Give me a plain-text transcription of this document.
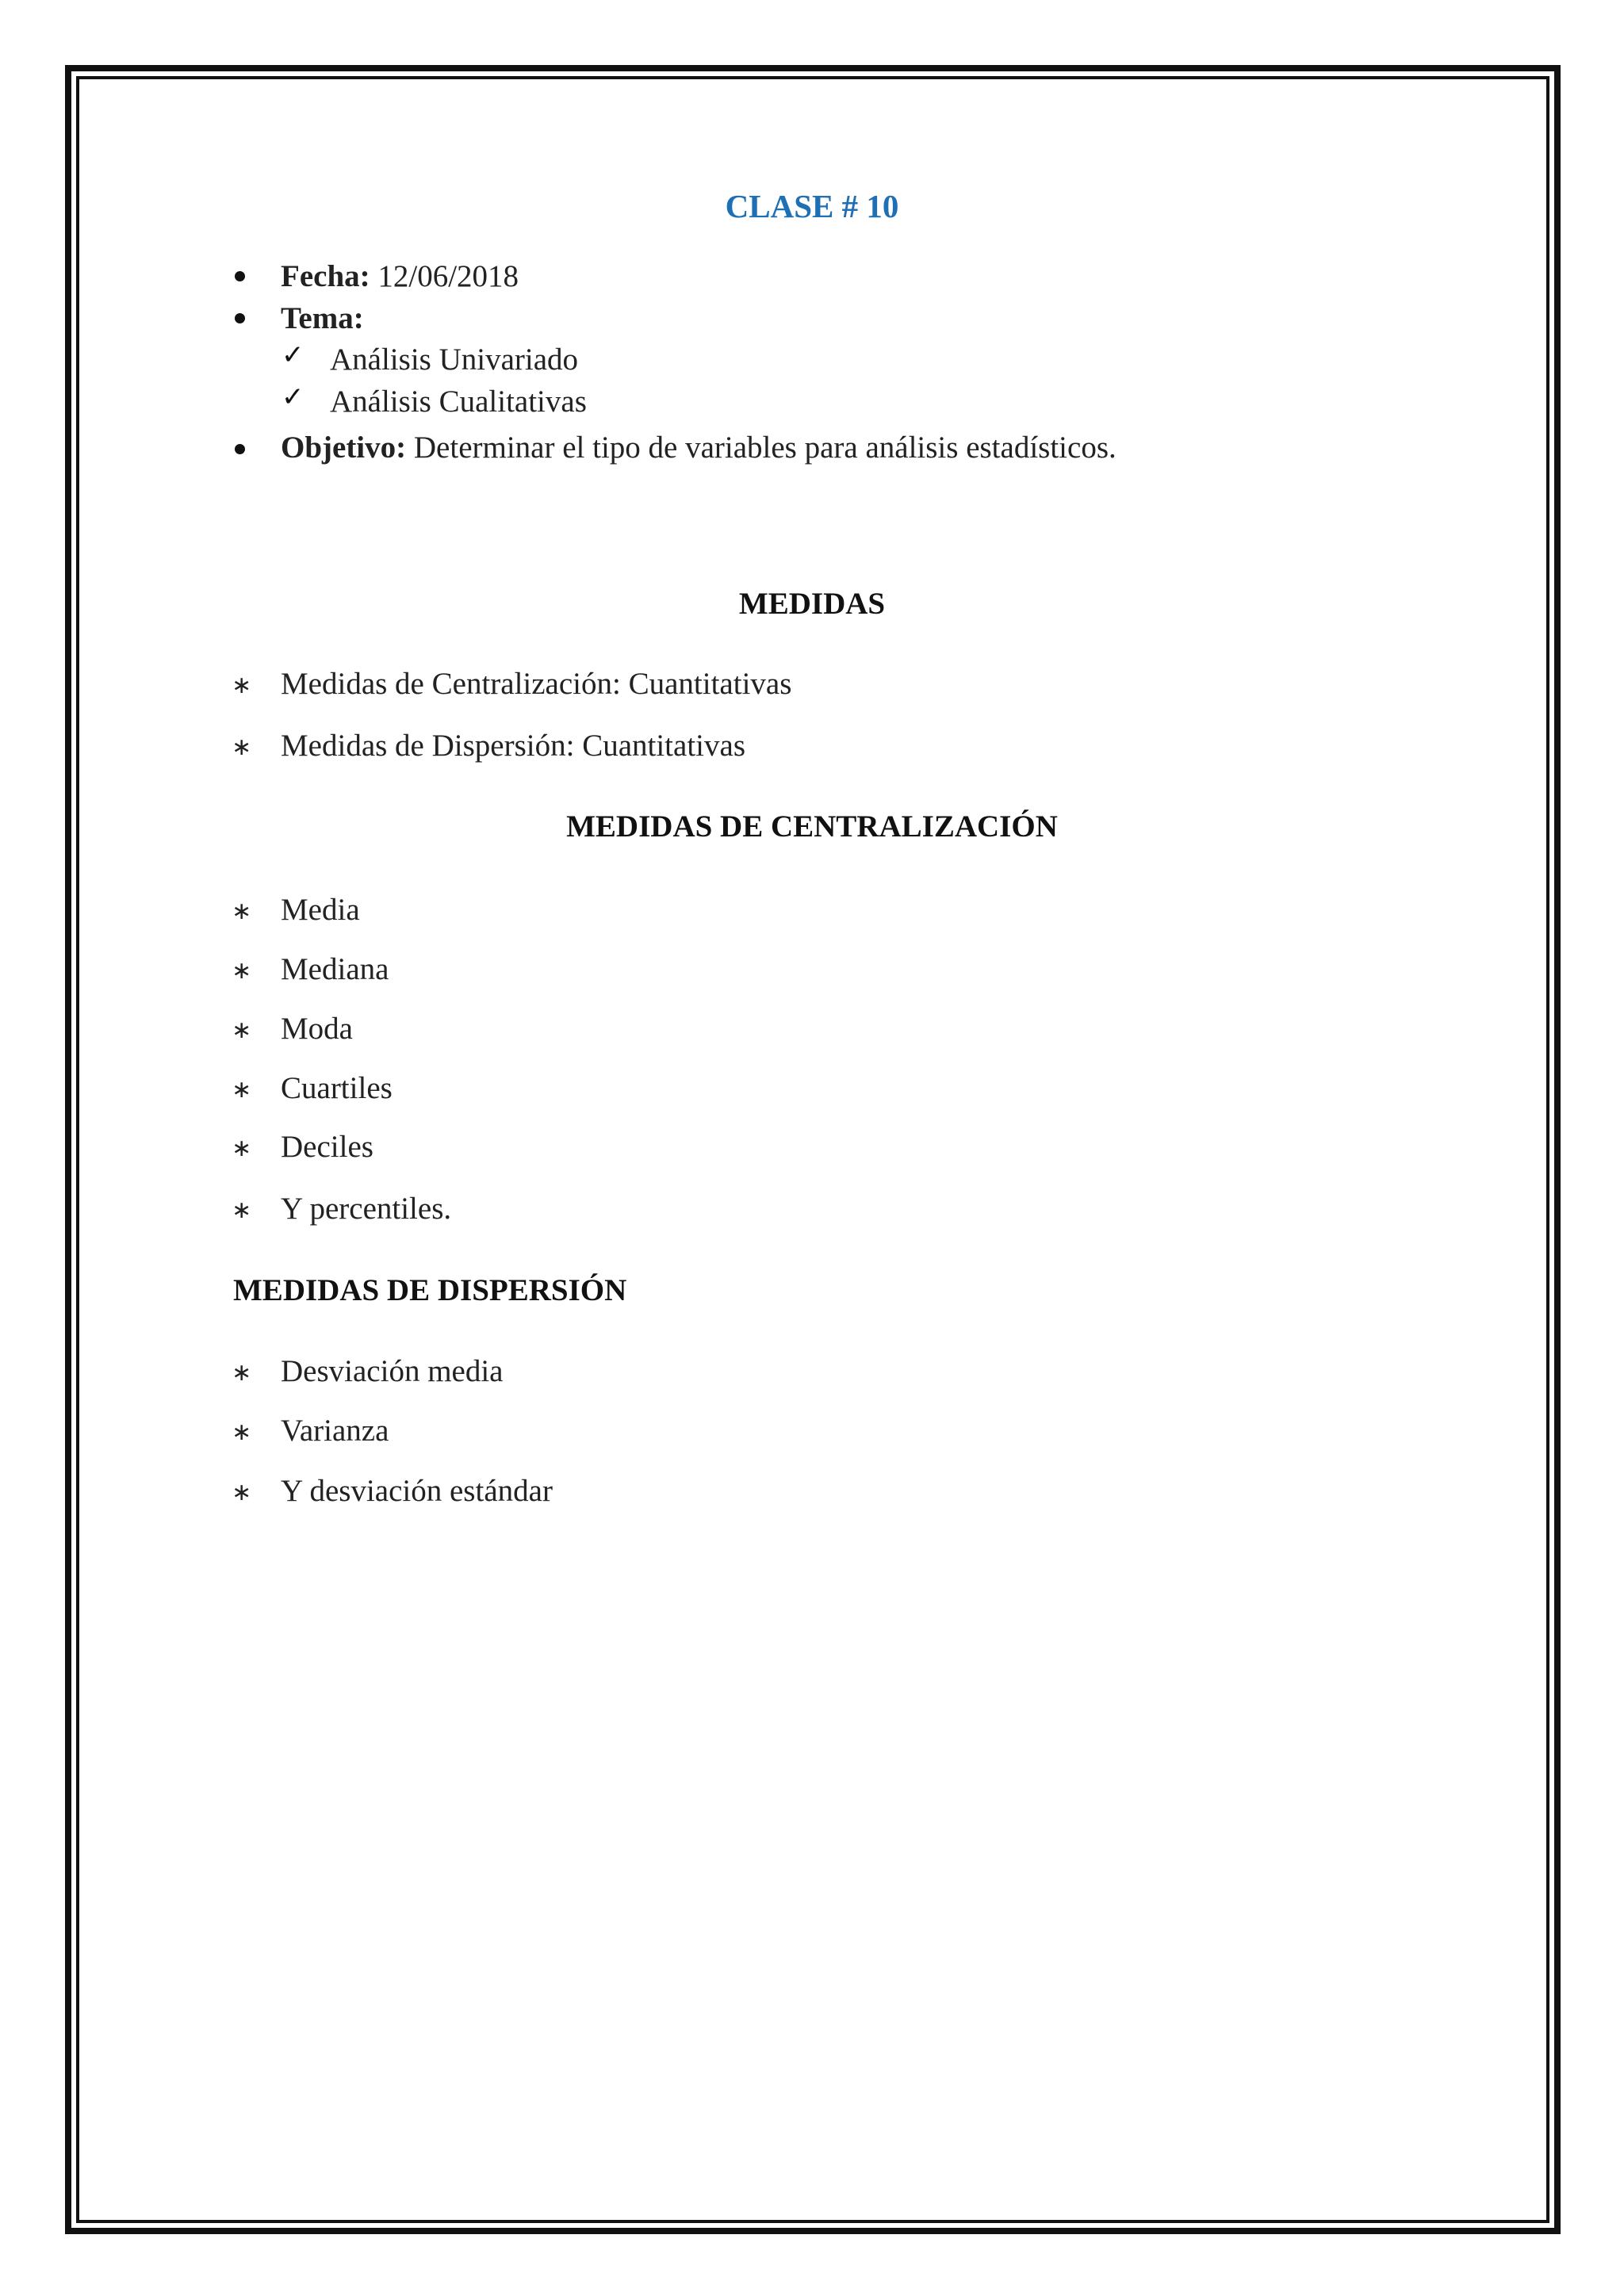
CLASE # 10
Fecha: 12/06/2018
Tema:
✓ Análisis Univariado
✓ Análisis Cualitativas
Objetivo: Determinar el tipo de variables para análisis estadísticos.
MEDIDAS
∗ Medidas de Centralización: Cuantitativas
∗ Medidas de Dispersión: Cuantitativas
MEDIDAS DE CENTRALIZACIÓN
∗ Media
∗ Mediana
∗ Moda
∗ Cuartiles
∗ Deciles
∗ Y percentiles.
MEDIDAS DE DISPERSIÓN
∗ Desviación media
∗ Varianza
∗ Y desviación estándar
